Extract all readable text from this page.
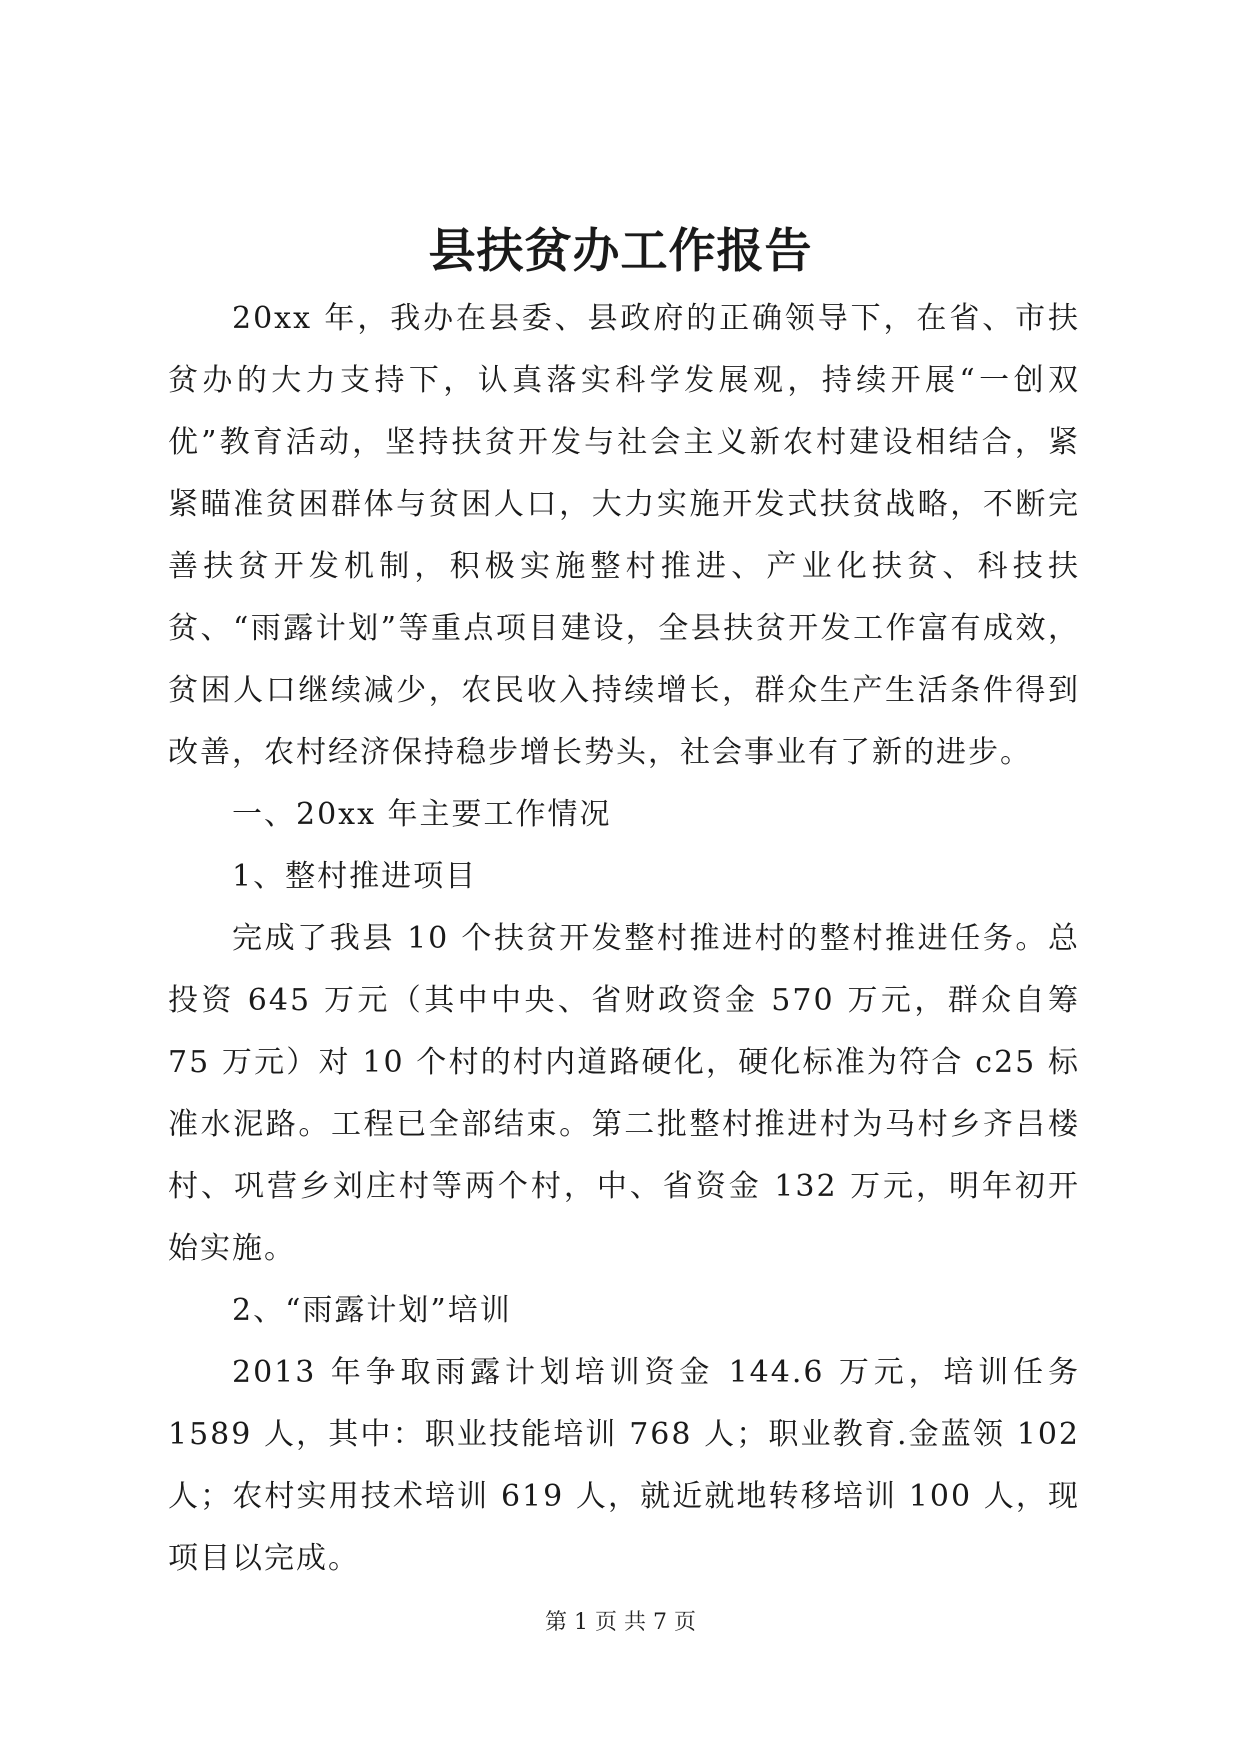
县扶贫办工作报告

20xx 年，我办在县委、县政府的正确领导下，在省、市扶贫办的大力支持下，认真落实科学发展观，持续开展“一创双优”教育活动，坚持扶贫开发与社会主义新农村建设相结合，紧紧瞄准贫困群体与贫困人口，大力实施开发式扶贫战略，不断完善扶贫开发机制，积极实施整村推进、产业化扶贫、科技扶贫、“雨露计划”等重点项目建设，全县扶贫开发工作富有成效，贫困人口继续减少，农民收入持续增长，群众生产生活条件得到改善，农村经济保持稳步增长势头，社会事业有了新的进步。

一、20xx 年主要工作情况

1、整村推进项目

完成了我县 10 个扶贫开发整村推进村的整村推进任务。总投资 645 万元（其中中央、省财政资金 570 万元，群众自筹 75 万元）对 10 个村的村内道路硬化，硬化标准为符合 c25 标准水泥路。工程已全部结束。第二批整村推进村为马村乡齐吕楼村、巩营乡刘庄村等两个村，中、省资金 132 万元，明年初开始实施。

2、“雨露计划”培训

2013 年争取雨露计划培训资金 144.6 万元，培训任务 1589 人，其中：职业技能培训 768 人；职业教育.金蓝领 102 人；农村实用技术培训 619 人，就近就地转移培训 100 人，现项目以完成。

第 1 页 共 7 页
